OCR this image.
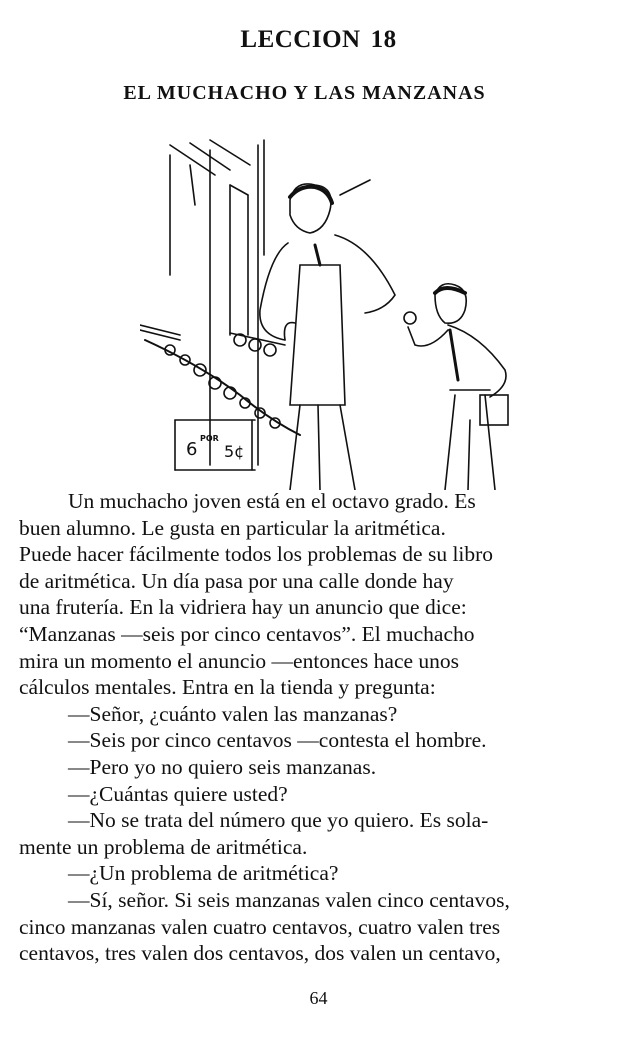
LECCION 18
EL MUCHACHO Y LAS MANZANAS
6
POR
5¢
Un muchacho joven está en el octavo grado. Es
buen alumno. Le gusta en particular la aritmética.
Puede hacer fácilmente todos los problemas de su libro
de aritmética. Un día pasa por una calle donde hay
una frutería. En la vidriera hay un anuncio que dice:
“Manzanas —seis por cinco centavos”. El muchacho
mira un momento el anuncio —entonces hace unos
cálculos mentales. Entra en la tienda y pregunta:
—Señor, ¿cuánto valen las manzanas?
—Seis por cinco centavos —contesta el hombre.
—Pero yo no quiero seis manzanas.
—¿Cuántas quiere usted?
—No se trata del número que yo quiero. Es sola-
mente un problema de aritmética.
—¿Un problema de aritmética?
—Sí, señor. Si seis manzanas valen cinco centavos,
cinco manzanas valen cuatro centavos, cuatro valen tres
centavos, tres valen dos centavos, dos valen un centavo,
64
